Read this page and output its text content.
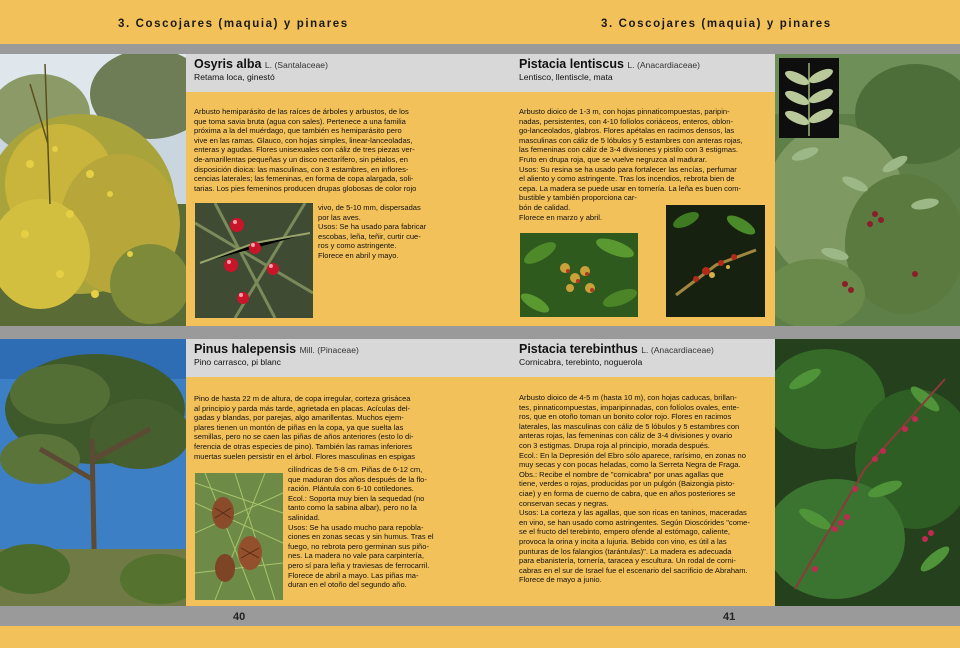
3. Coscojares (maquia) y pinares
Osyris alba L. (Santalaceae)
Retama loca, ginestó
Arbusto hemiparásito de las raíces de árboles y arbustos, de los
que toma savia bruta (agua con sales). Pertenece a una familia
próxima a la del muérdago, que también es hemiparásito pero
vive en las ramas. Glauco, con hojas simples, linear-lanceoladas,
enteras y agudas. Flores unisexuales con cáliz de tres piezas ver-
de-amarillentas pequeñas y un disco nectarífero, sin pétalos, en
disposición dioica: las masculinas, con 3 estambres, en inflores-
cencias laterales; las femeninas, en forma de copa alargada, soli-
tarias. Los pies femeninos producen drupas globosas de color rojo
vivo, de 5-10 mm, dispersadas
por las aves.
Usos: Se ha usado para fabricar
escobas, leña, teñir, curtir cue-
ros y como astringente.
Florece en abril y mayo.
Pinus halepensis Mill. (Pinaceae)
Pino carrasco, pi blanc
Pino de hasta 22 m de altura, de copa irregular, corteza grisácea
al principio y parda más tarde, agrietada en placas. Acículas del-
gadas y blandas, por parejas, algo amarillentas. Muchos ejem-
plares tienen un montón de piñas en la copa, ya que suelta las
semillas, pero no se caen las piñas de años anteriores (esto lo di-
ferencia de otras especies de pino). También las ramas inferiores
muertas suelen persistir en el árbol. Flores masculinas en espigas
cilíndricas de 5-8 cm. Piñas de 6-12 cm,
que maduran dos años después de la flo-
ración. Plántula con 6-10 cotiledones.
Ecol.: Soporta muy bien la sequedad (no
tanto como la sabina albar), pero no la
salinidad.
Usos: Se ha usado mucho para repobla-
ciones en zonas secas y sin humus. Tras el
fuego, no rebrota pero germinan sus piño-
nes. La madera no vale para carpintería,
pero sí para leña y traviesas de ferrocarril.
Florece de abril a mayo. Las piñas ma-
duran en el otoño del segundo año.
40
3. Coscojares (maquia) y pinares
Pistacia lentiscus L. (Anacardiaceae)
Lentisco, llentiscle, mata
Arbusto dioico de 1-3 m, con hojas pinnaticompuestas, paripin-
nadas, persistentes, con 4-10 folíolos coriáceos, enteros, oblon-
go-lanceolados, glabros. Flores apétalas en racimos densos, las
masculinas con cáliz de 5 lóbulos y 5 estambres con anteras rojas,
las femeninas con cáliz de 3-4 divisiones y pistilo con 3 estigmas.
Fruto en drupa roja, que se vuelve negruzca al madurar.
Usos: Su resina se ha usado para fortalecer las encías, perfumar
el aliento y como astringente. Tras los incendios, rebrota bien de
cepa. La madera se puede usar en tornería. La leña es buen com-
bustible y también proporciona car-
bón de calidad.
Florece en marzo y abril.
Pistacia terebinthus L. (Anacardiaceae)
Cornicabra, terebinto, noguerola
Arbusto dioico de 4-5 m (hasta 10 m), con hojas caducas, brillan-
tes, pinnaticompuestas, imparipinnadas, con folíolos ovales, ente-
ros, que en otoño toman un bonito color rojo. Flores en racimos
laterales, las masculinas con cáliz de 5 lóbulos y 5 estambres con
anteras rojas, las femeninas con cáliz de 3-4 divisiones y ovario
con 3 estigmas. Drupa roja al principio, morada después.
Ecol.: En la Depresión del Ebro sólo aparece, rarísimo, en zonas no
muy secas y con pocas heladas, como la Serreta Negra de Fraga.
Obs.: Recibe el nombre de "cornicabra" por unas agallas que
tiene, verdes o rojas, producidas por un pulgón (Baizongia pisto-
ciae) y en forma de cuerno de cabra, que en años posteriores se
conservan secas y negras.
Usos: La corteza y las agallas, que son ricas en taninos, maceradas
en vino, se han usado como astringentes. Según Dioscórides "come-
se el fructo del terebinto, empero ofende al estómago, caliente,
provoca la orina y incita a lujuria. Bebido con vino, es útil a las
punturas de los falangios (tarántulas)". La madera es adecuada
para ebanistería, tornería, taracea y escultura. Un rodal de corni-
cabras en el sur de Israel fue el escenario del sacrificio de Abraham.
Florece de mayo a junio.
41
